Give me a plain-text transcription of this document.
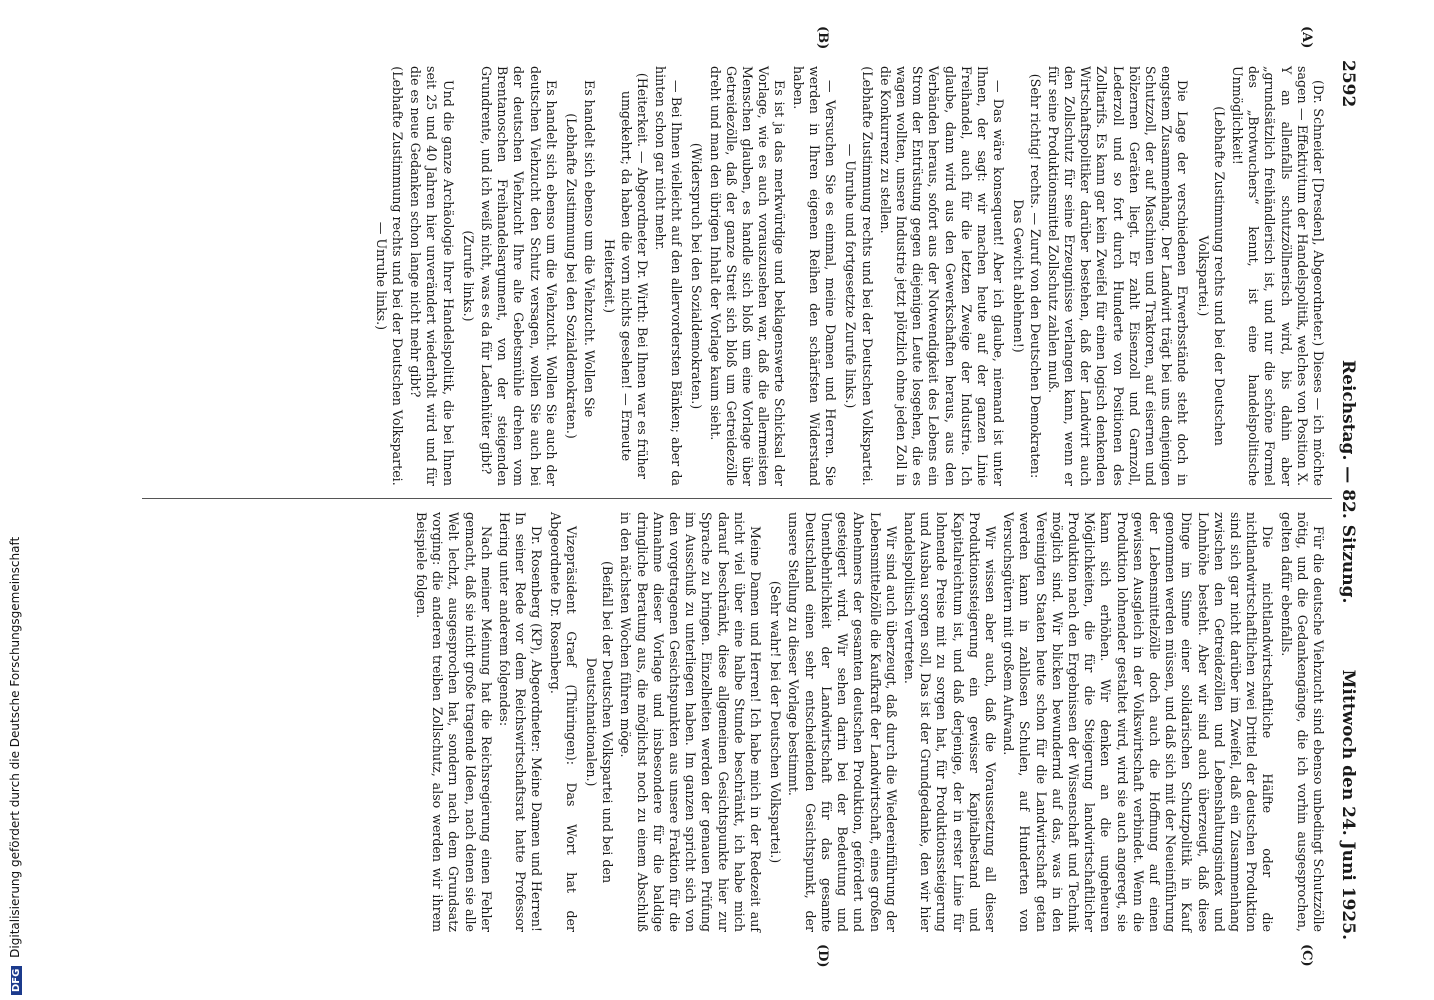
2592
Reichstag. — 82. Sitzung.
Mittwoch den 24. Juni 1925.
(A)
(B)
(C)
(D)

(Dr. Schneider [Dresden], Abgeordneter.) Dieses — ich möchte sagen — Effektivitum der Handelspolitik, welches von Position X. Y an allenfalls schutzzöllnerisch wird, bis dahin aber „grundsätzlich freihändlerisch ist, und nur die schöne Formel des „Brotwuchers“ kennt, ist eine handelspolitische Unmöglichkeit!

(Lebhafte Zustimmung rechts und bei der Deutschen Volkspartei.)

Die Lage der verschiedenen Erwerbsstände steht doch in engstem Zusammenhang. Der Landwirt trägt bei uns denjenigen Schutzzoll, der auf Maschinen und Traktoren, auf eisernen und hölzernen Geräten liegt. Er zahlt Eisenzoll und Garnzoll, Lederzoll und so fort durch Hunderte von Positionen des Zolltarifs. Es kann gar kein Zweifel für einen logisch denkenden Wirtschaftspolitiker darüber bestehen, daß der Landwirt auch den Zollschutz für seine Erzeugnisse verlangen kann, wenn er für seine Produktionsmittel Zollschutz zahlen muß.

(Sehr richtig! rechts. — Zuruf von den Deutschen Demokraten: Das Gewicht ablehnen!)

— Das wäre konsequent! Aber ich glaube, niemand ist unter Ihnen, der sagt: wir machen heute auf der ganzen Linie Freihandel, auch für die letzten Zweige der Industrie. Ich glaube, dann wird aus den Gewerkschaften heraus, aus den Verbänden heraus, sofort aus der Notwendigkeit des Lebens ein Strom der Entrüstung gegen diejenigen Leute losgehen, die es wagen wollten, unsere Industrie jetzt plötzlich ohne jeden Zoll in die Konkurrenz zu stellen.

(Lebhafte Zustimmung rechts und bei der Deutschen Volkspartei. — Unruhe und fortgesetzte Zurufe links.)

— Versuchen Sie es einmal, meine Damen und Herren. Sie werden in Ihren eigenen Reihen den schärfsten Widerstand haben.

Es ist ja das merkwürdige und beklagenswerte Schicksal der Vorlage, wie es auch vorauszusehen war, daß die allermeisten Menschen glauben, es handle sich bloß um eine Vorlage über Getreidezölle, daß der ganze Streit sich bloß um Getreidezölle dreht und man den übrigen Inhalt der Vorlage kaum sieht.

(Widerspruch bei den Sozialdemokraten.)

— Bei Ihnen vielleicht auf den allervordersten Bänken; aber da hinten schon gar nicht mehr.

(Heiterkeit. — Abgeordneter Dr. Wirth: Bei Ihnen war es früher umgekehrt; da haben die vorn nichts gesehen! — Erneute Heiterkeit.)

Es handelt sich ebenso um die Viehzucht. Wollen Sie

(Lebhafte Zustimmung bei den Sozialdemokraten.)

Es handelt sich ebenso um die Viehzucht. Wollen Sie auch der deutschen Viehzucht den Schutz versagen, wollen Sie auch bei der deutschen Viehzucht Ihre alte Gebetsmühle drehen vom Brentanoschen Freihandelsargument, von der steigenden Grundrente, und ich weiß nicht, was es da für Ladenhüter gibt?

(Zurufe links.)

Und die ganze Archäologie Ihrer Handelspolitik, die bei Ihnen seit 25 und 40 Jahren hier unverändert wiederholt wird und für die es neue Gedanken schon lange nicht mehr gibt?

(Lebhafte Zustimmung rechts und bei der Deutschen Volkspartei. — Unruhe links.)

Für die deutsche Viehzucht sind ebenso unbedingt Schutzzölle nötig, und die Gedankengänge, die ich vorhin ausgesprochen, gelten dafür ebenfalls.

Die nichtlandwirtschaftliche Hälfte oder die nichtlandwirtschaftlichen zwei Drittel der deutschen Produktion sind sich gar nicht darüber im Zweifel, daß ein Zusammenhang zwischen den Getreidezöllen und Lebenshaltungsindex und Lohnhöhe besteht. Aber wir sind auch überzeugt, daß diese Dinge im Sinne einer solidarischen Schutzpolitik in Kauf genommen werden müssen, und daß sich mit der Neueinführung der Lebensmittelzölle doch auch die Hoffnung auf einen gewissen Ausgleich in der Volkswirtschaft verbindet. Wenn die Produktion lohnender gestaltet wird, wird sie auch angeregt, sie kann sich erhöhen. Wir denken an die ungeheuren Möglichkeiten, die für die Steigerung landwirtschaftlicher Produktion nach den Ergebnissen der Wissenschaft und Technik möglich sind. Wir blicken bewundernd auf das, was in den Vereinigten Staaten heute schon für die Landwirtschaft getan werden kann in zahllosen Schulen, auf Hunderten von Versuchsgütern mit großem Aufwand.

Wir wissen aber auch, daß die Voraussetzung all dieser Produktionssteigerung ein gewisser Kapitalbestand und Kapitalreichtum ist, und daß derjenige, der in erster Linie für lohnende Preise mit zu sorgen hat, für Produktionssteigerung und Ausbau sorgen soll, Das ist der Grundgedanke, den wir hier handelspolitisch vertreten.

Wir sind auch überzeugt, daß durch die Wiedereinführung der Lebensmittelzölle die Kaufkraft der Landwirtschaft, eines großen Abnehmers der gesamten deutschen Produktion, gefördert und gesteigert wird. Wir sehen darin bei der Bedeutung und Unentbehrlichkeit der Landwirtschaft für das gesamte Deutschland einen sehr entscheidenden Gesichtspunkt, der unsere Stellung zu dieser Vorlage bestimmt.

(Sehr wahr! bei der Deutschen Volkspartei.)

Meine Damen und Herren! Ich habe mich in der Redezeit auf nicht viel über eine halbe Stunde beschränkt, ich habe mich darauf beschränkt, diese allgemeinen Gesichtspunkte hier zur Sprache zu bringen. Einzelheiten werden der genauen Prüfung im Ausschuß zu unterliegen haben. Im ganzen spricht sich von den vorgetragenen Gesichtspunkten aus unsere Fraktion für die Annahme dieser Vorlage und insbesondere für die baldige dringliche Beratung aus, die möglichst noch zu einem Abschluß in den nächsten Wochen führen möge.

(Beifall bei der Deutschen Volkspartei und bei den Deutschnationalen.)

Vizepräsident Graef (Thüringen): Das Wort hat der Abgeordnete Dr. Rosenberg.

Dr. Rosenberg (KP), Abgeordneter: Meine Damen und Herren! In seiner Rede vor dem Reichswirtschaftsrat hatte Professor Hering unter anderem folgendes:

Nach meiner Meinung hat die Reichsregierung einen Fehler gemacht, daß sie nicht große tragende Ideen, nach denen sie alle Welt lechzt, ausgesprochen hat, sondern nach dem Grundsatz vorging: die anderen treiben Zollschutz, also werden wir ihrem Beispiele folgen.

DFG Digitalisierung gefördert durch die Deutsche Forschungsgemeinschaft
